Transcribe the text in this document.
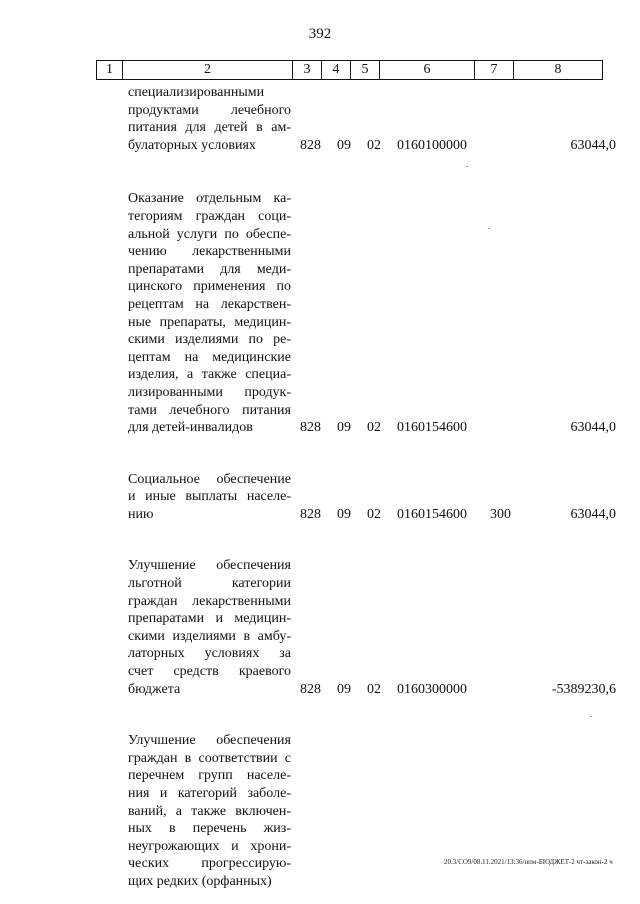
392
1	2	3	4	5	6	7	8
специализированными
продуктами лечебного
питания для детей в ам-
булаторных условиях	828 09 02 0160100000	63044,0
Оказание отдельным ка-
тегориям граждан соци-
альной услуги по обеспе-
чению лекарственными
препаратами для меди-
цинского применения по
рецептам на лекарствен-
ные препараты, медицин-
скими изделиями по ре-
цептам на медицинские
изделия, а также специа-
лизированными продук-
тами лечебного питания
для детей-инвалидов	828 09 02 0160154600	63044,0
Социальное обеспечение
и иные выплаты населе-
нию	828 09 02 0160154600 300	63044,0
Улучшение обеспечения
льготной категории
граждан лекарственными
препаратами и медицин-
скими изделиями в амбу-
латорных условиях за
счет средств краевого
бюджета	828 09 02 0160300000	-5389230,6
Улучшение обеспечения
граждан в соответствии с
перечнем групп населе-
ния и категорий заболе-
ваний, а также включен-
ных в перечень жиз-
неугрожающих и хрони-
ческих прогрессирую-
щих редких (орфанных)
20.3/СО9/08.11.2021/13:36/нпм-БЮДЖЕТ-2 чт-закон-2 ч
